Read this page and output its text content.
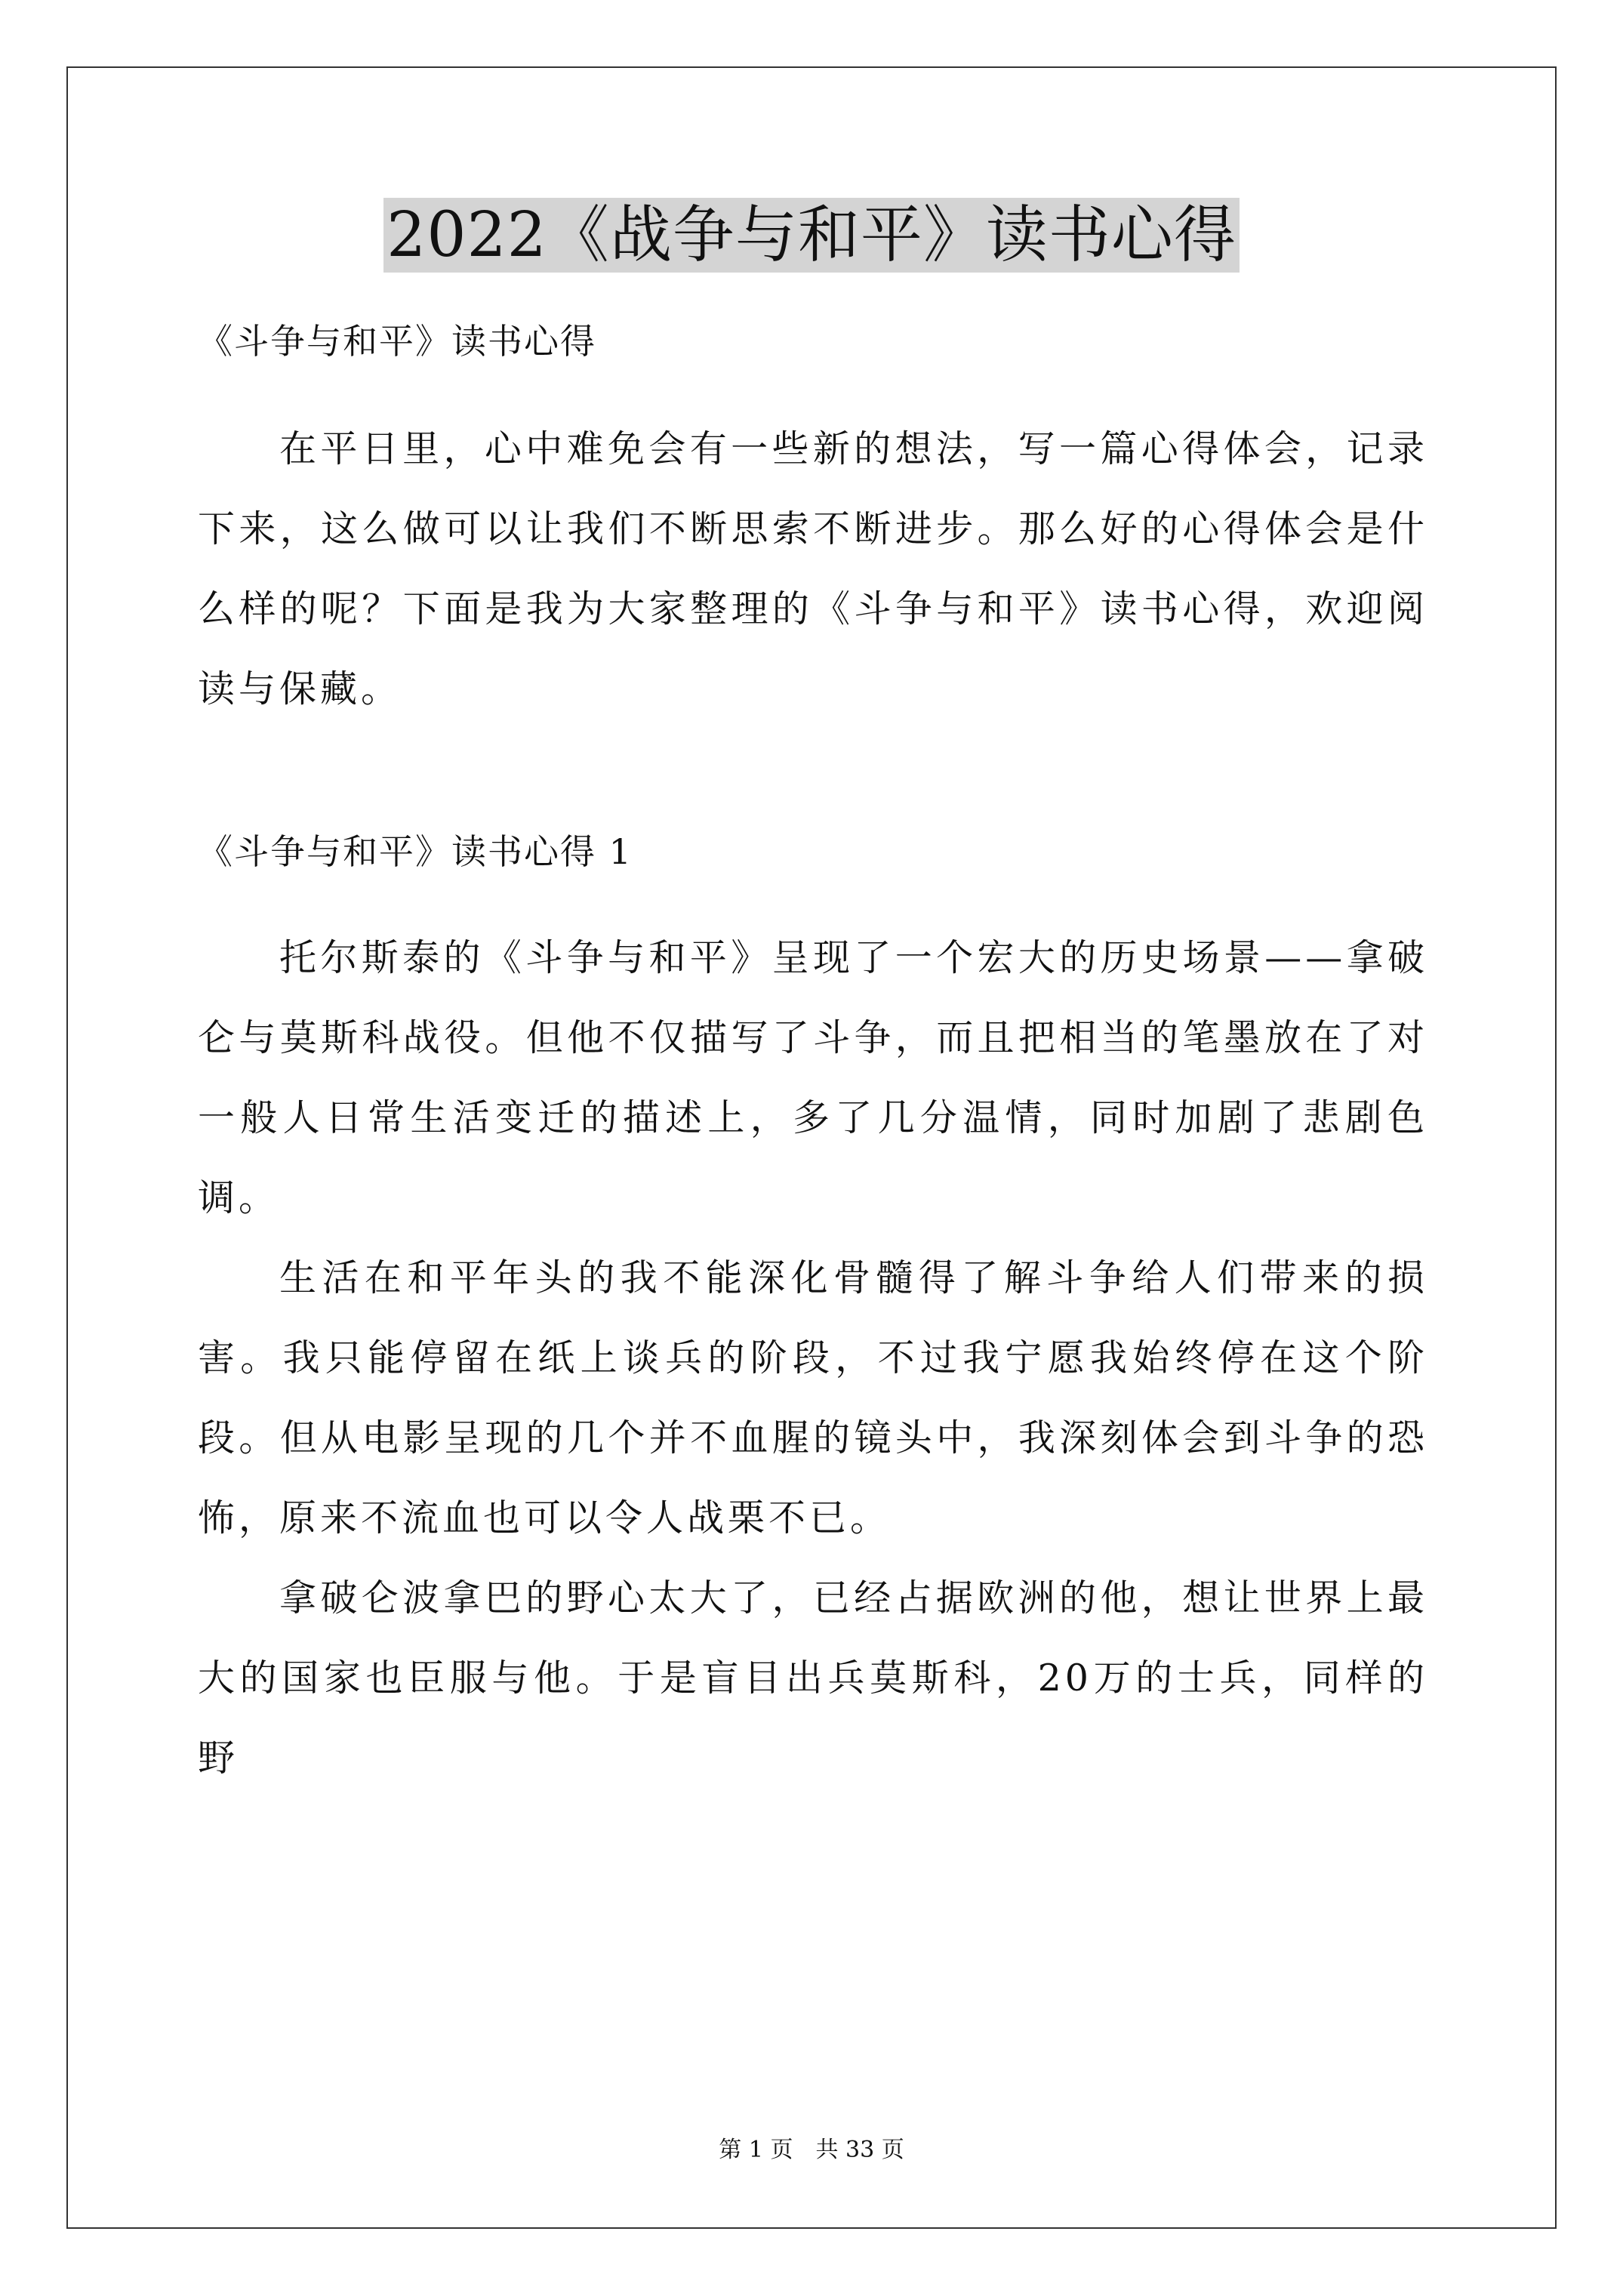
2022《战争与和平》读书心得

《斗争与和平》读书心得

在平日里，心中难免会有一些新的想法，写一篇心得体会，记录下来，这么做可以让我们不断思索不断进步。那么好的心得体会是什么样的呢？下面是我为大家整理的《斗争与和平》读书心得，欢迎阅读与保藏。

《斗争与和平》读书心得 1

托尔斯泰的《斗争与和平》呈现了一个宏大的历史场景——拿破仑与莫斯科战役。但他不仅描写了斗争，而且把相当的笔墨放在了对一般人日常生活变迁的描述上，多了几分温情，同时加剧了悲剧色调。

生活在和平年头的我不能深化骨髓得了解斗争给人们带来的损害。我只能停留在纸上谈兵的阶段，不过我宁愿我始终停在这个阶段。但从电影呈现的几个并不血腥的镜头中，我深刻体会到斗争的恐怖，原来不流血也可以令人战栗不已。

拿破仑波拿巴的野心太大了，已经占据欧洲的他，想让世界上最大的国家也臣服与他。于是盲目出兵莫斯科，20万的士兵，同样的野

第 1 页　共 33 页
